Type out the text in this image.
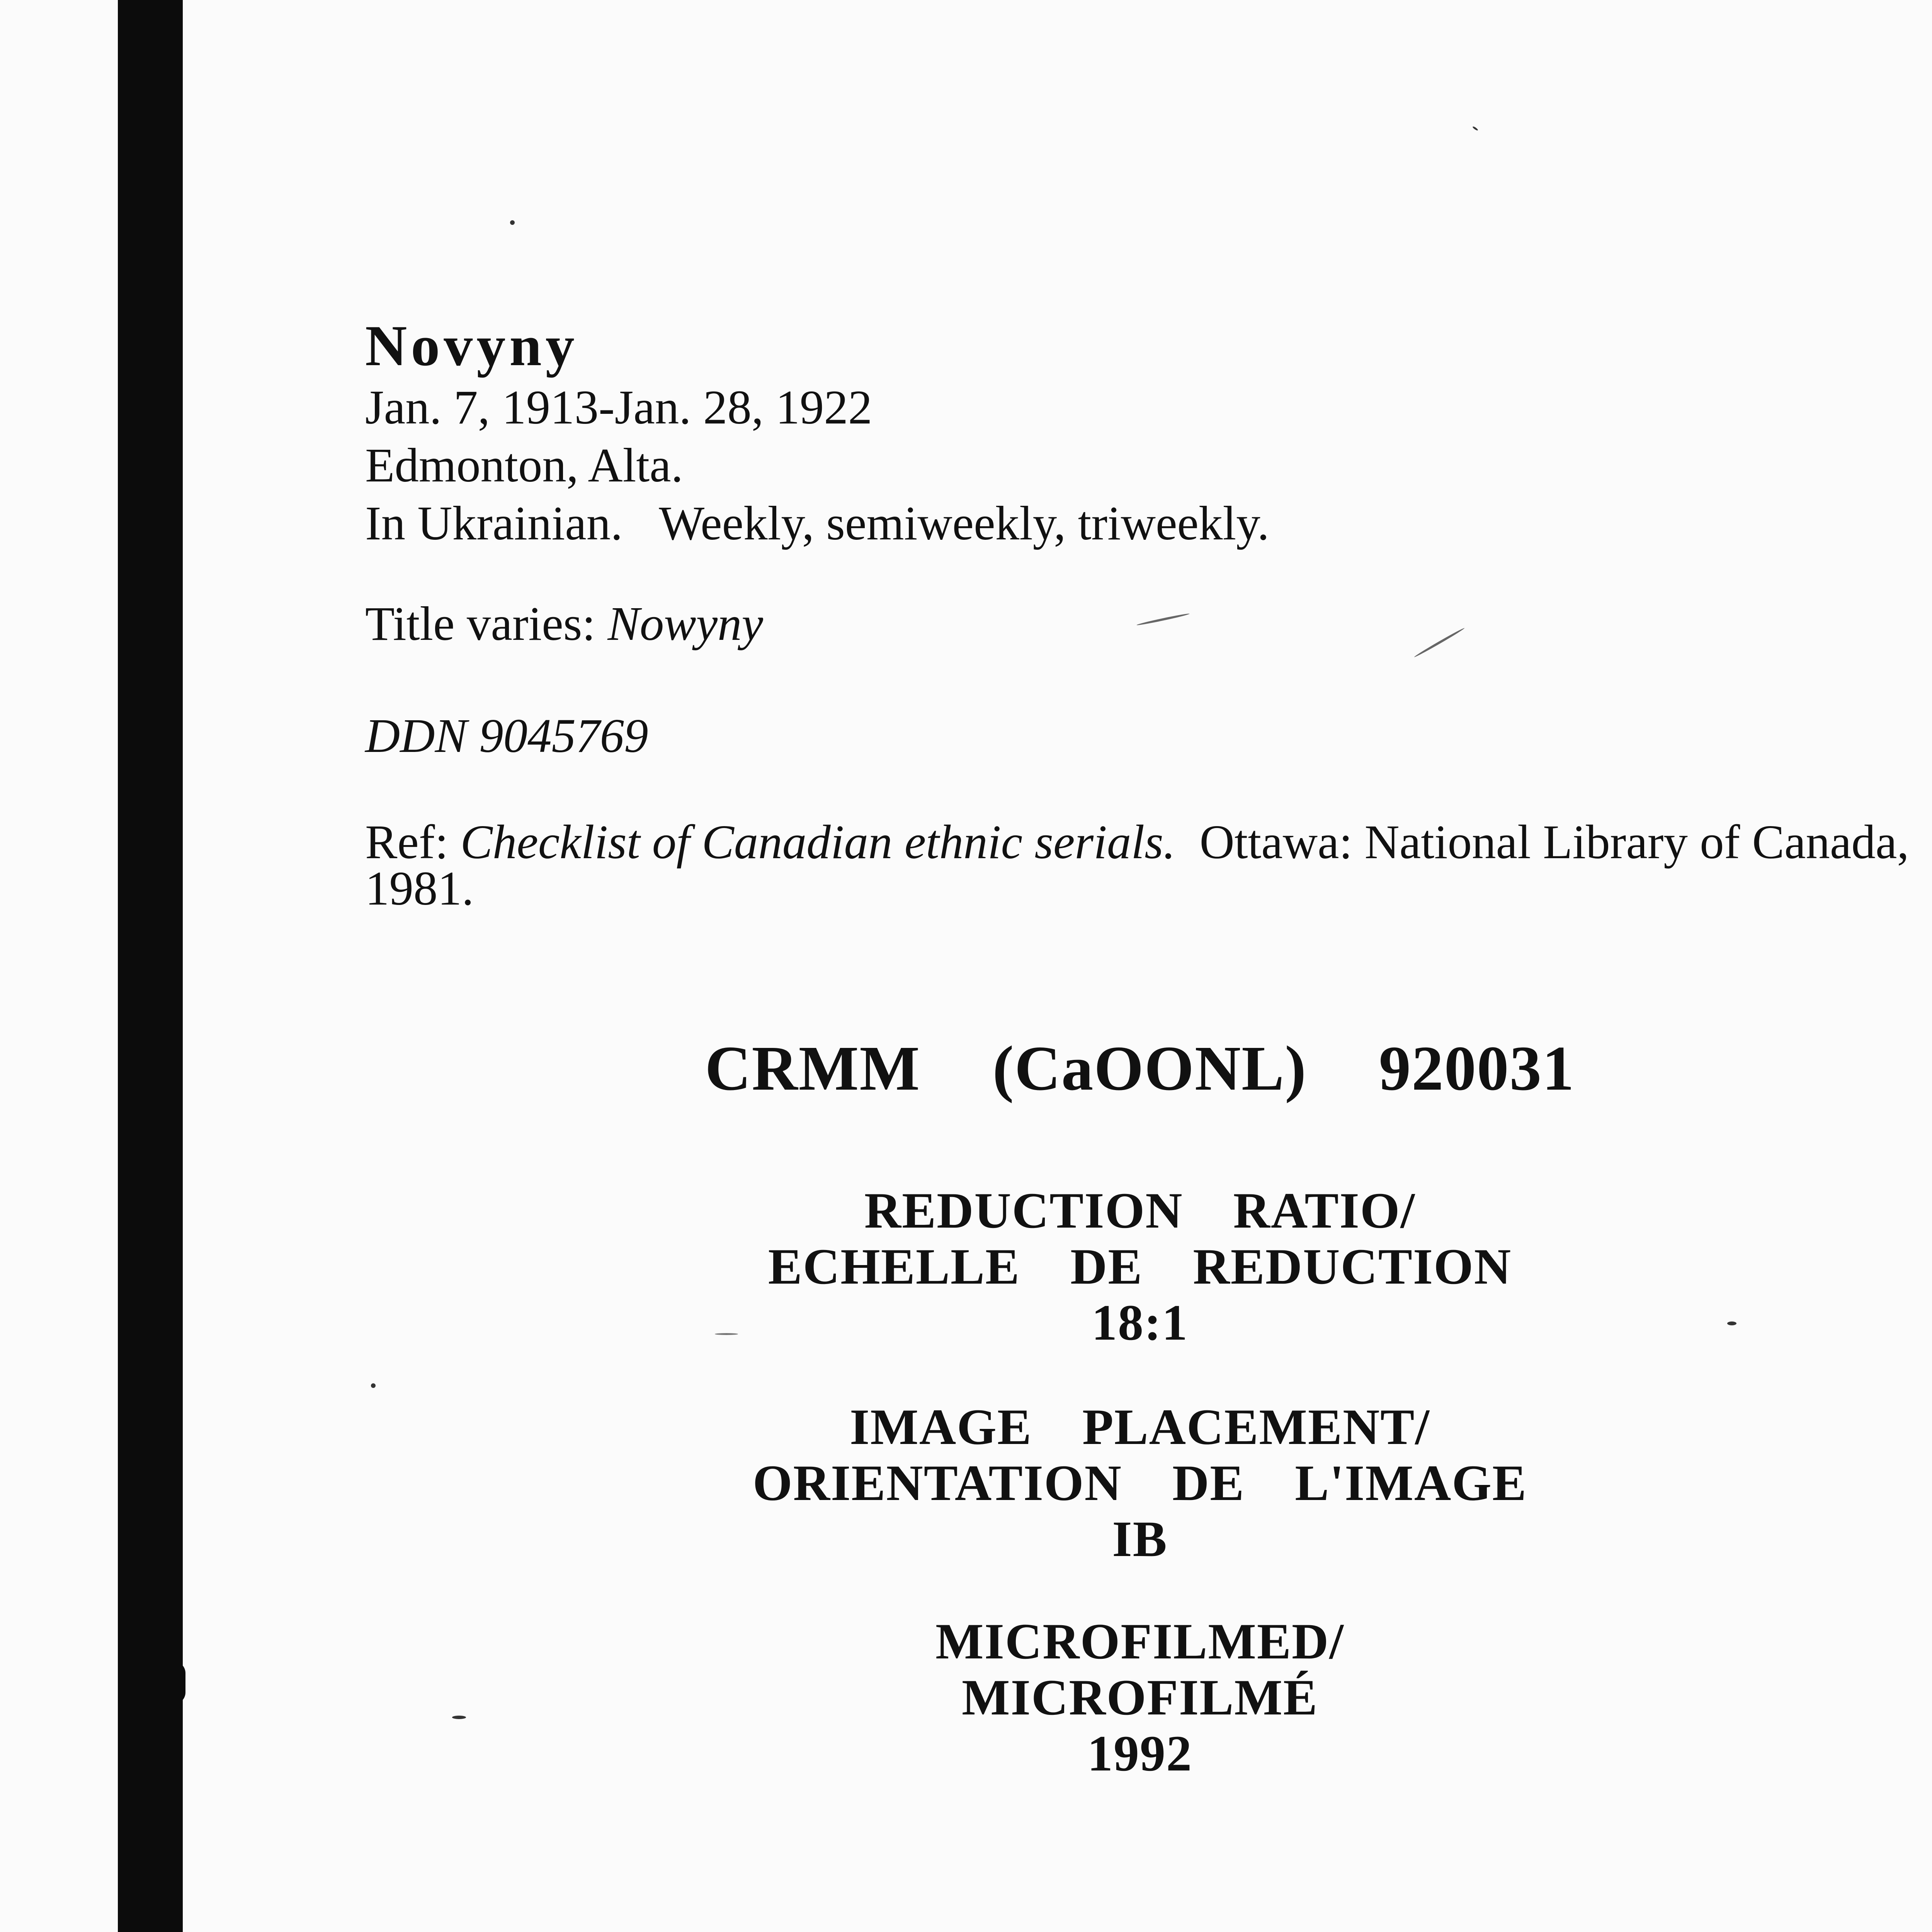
Novyny

Jan. 7, 1913-Jan. 28, 1922

Edmonton, Alta.

In Ukrainian. Weekly, semiweekly, triweekly.

Title varies: Nowyny

DDN 9045769

Ref: Checklist of Canadian ethnic serials. Ottawa: National Library of Canada,
1981.

CRMM  (CaOONL)  920031

REDUCTION  RATIO/

ECHELLE  DE  REDUCTION

18:1

IMAGE  PLACEMENT/

ORIENTATION  DE  L'IMAGE

IB

MICROFILMED/

MICROFILMÉ

1992
